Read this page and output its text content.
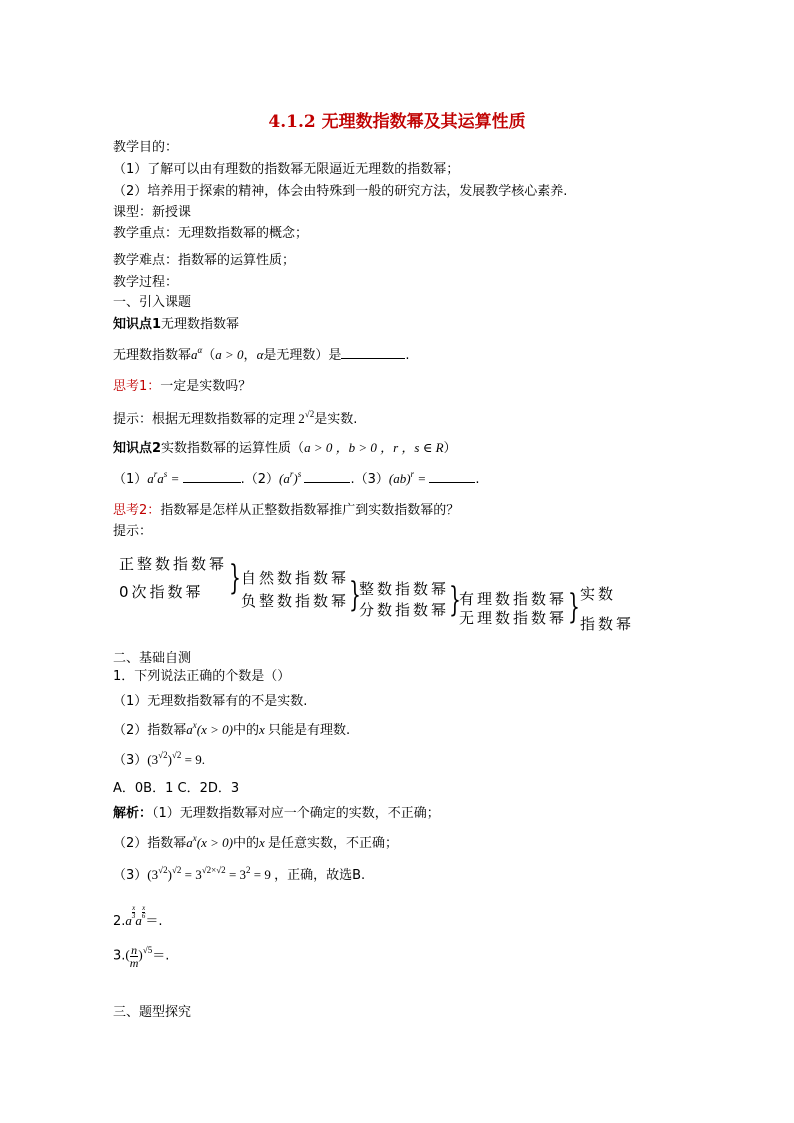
4.1.2 无理数指数幂及其运算性质
教学目的：
（1）了解可以由有理数的指数幂无限逼近无理数的指数幂；
（2）培养用于探索的精神，体会由特殊到一般的研究方法，发展教学核心素养.
课型：新授课
教学重点：无理数指数幂的概念；
教学难点：指数幂的运算性质；
教学过程：
一、引入课题
知识点1无理数指数幂
无理数指数幂$a^\alpha(a > 0$，α是无理数）是	.
思考1：一定是实数吗？
提示：根据无理数指数幂的定理 $2^{√2}$是实数.
知识点2实数指数幂的运算性质（a > 0 ，b > 0 ，r ，s ∈ R）
$(1)a^ra^s$ =	$.(2)(a^r)^s$	.（3）(ab)$^r$ =	.
思考2：指数幂是怎样从正整数指数幂推广到实数指数幂的？
提示：
正整数指数幂
0次指数幂 } 自然数指数幂
负整数指数幂 }
整数指数幂
分数指数幂 }
有理数指数幂
无理数指数幂 } 实数
指数幂
二、基础自测
1．下列说法正确的个数是（）
（1）无理数指数幂有的不是实数.
（2）指数幂$a^x(x > 0)$中的x 只能是有理数.
$(3)(3^{√2})^{√2} = 9$.
A．0B．1 C．2D．3
解析：（1）无理数指数幂对应一个确定的实数，不正确；
（2）指数幂$a^x(x > 0)$中的x 是任意实数，不正确；
$(3)(3^{√2})^{√2} = 3^{√2\times√2} = 3^2 = 9$ ，正确，故选B.
2.a
$\frac{x}{3}$
a
$\frac{x}{6}$
＝.
$3.( \frac{n}{m} )^{√5}=$.
三、题型探究
